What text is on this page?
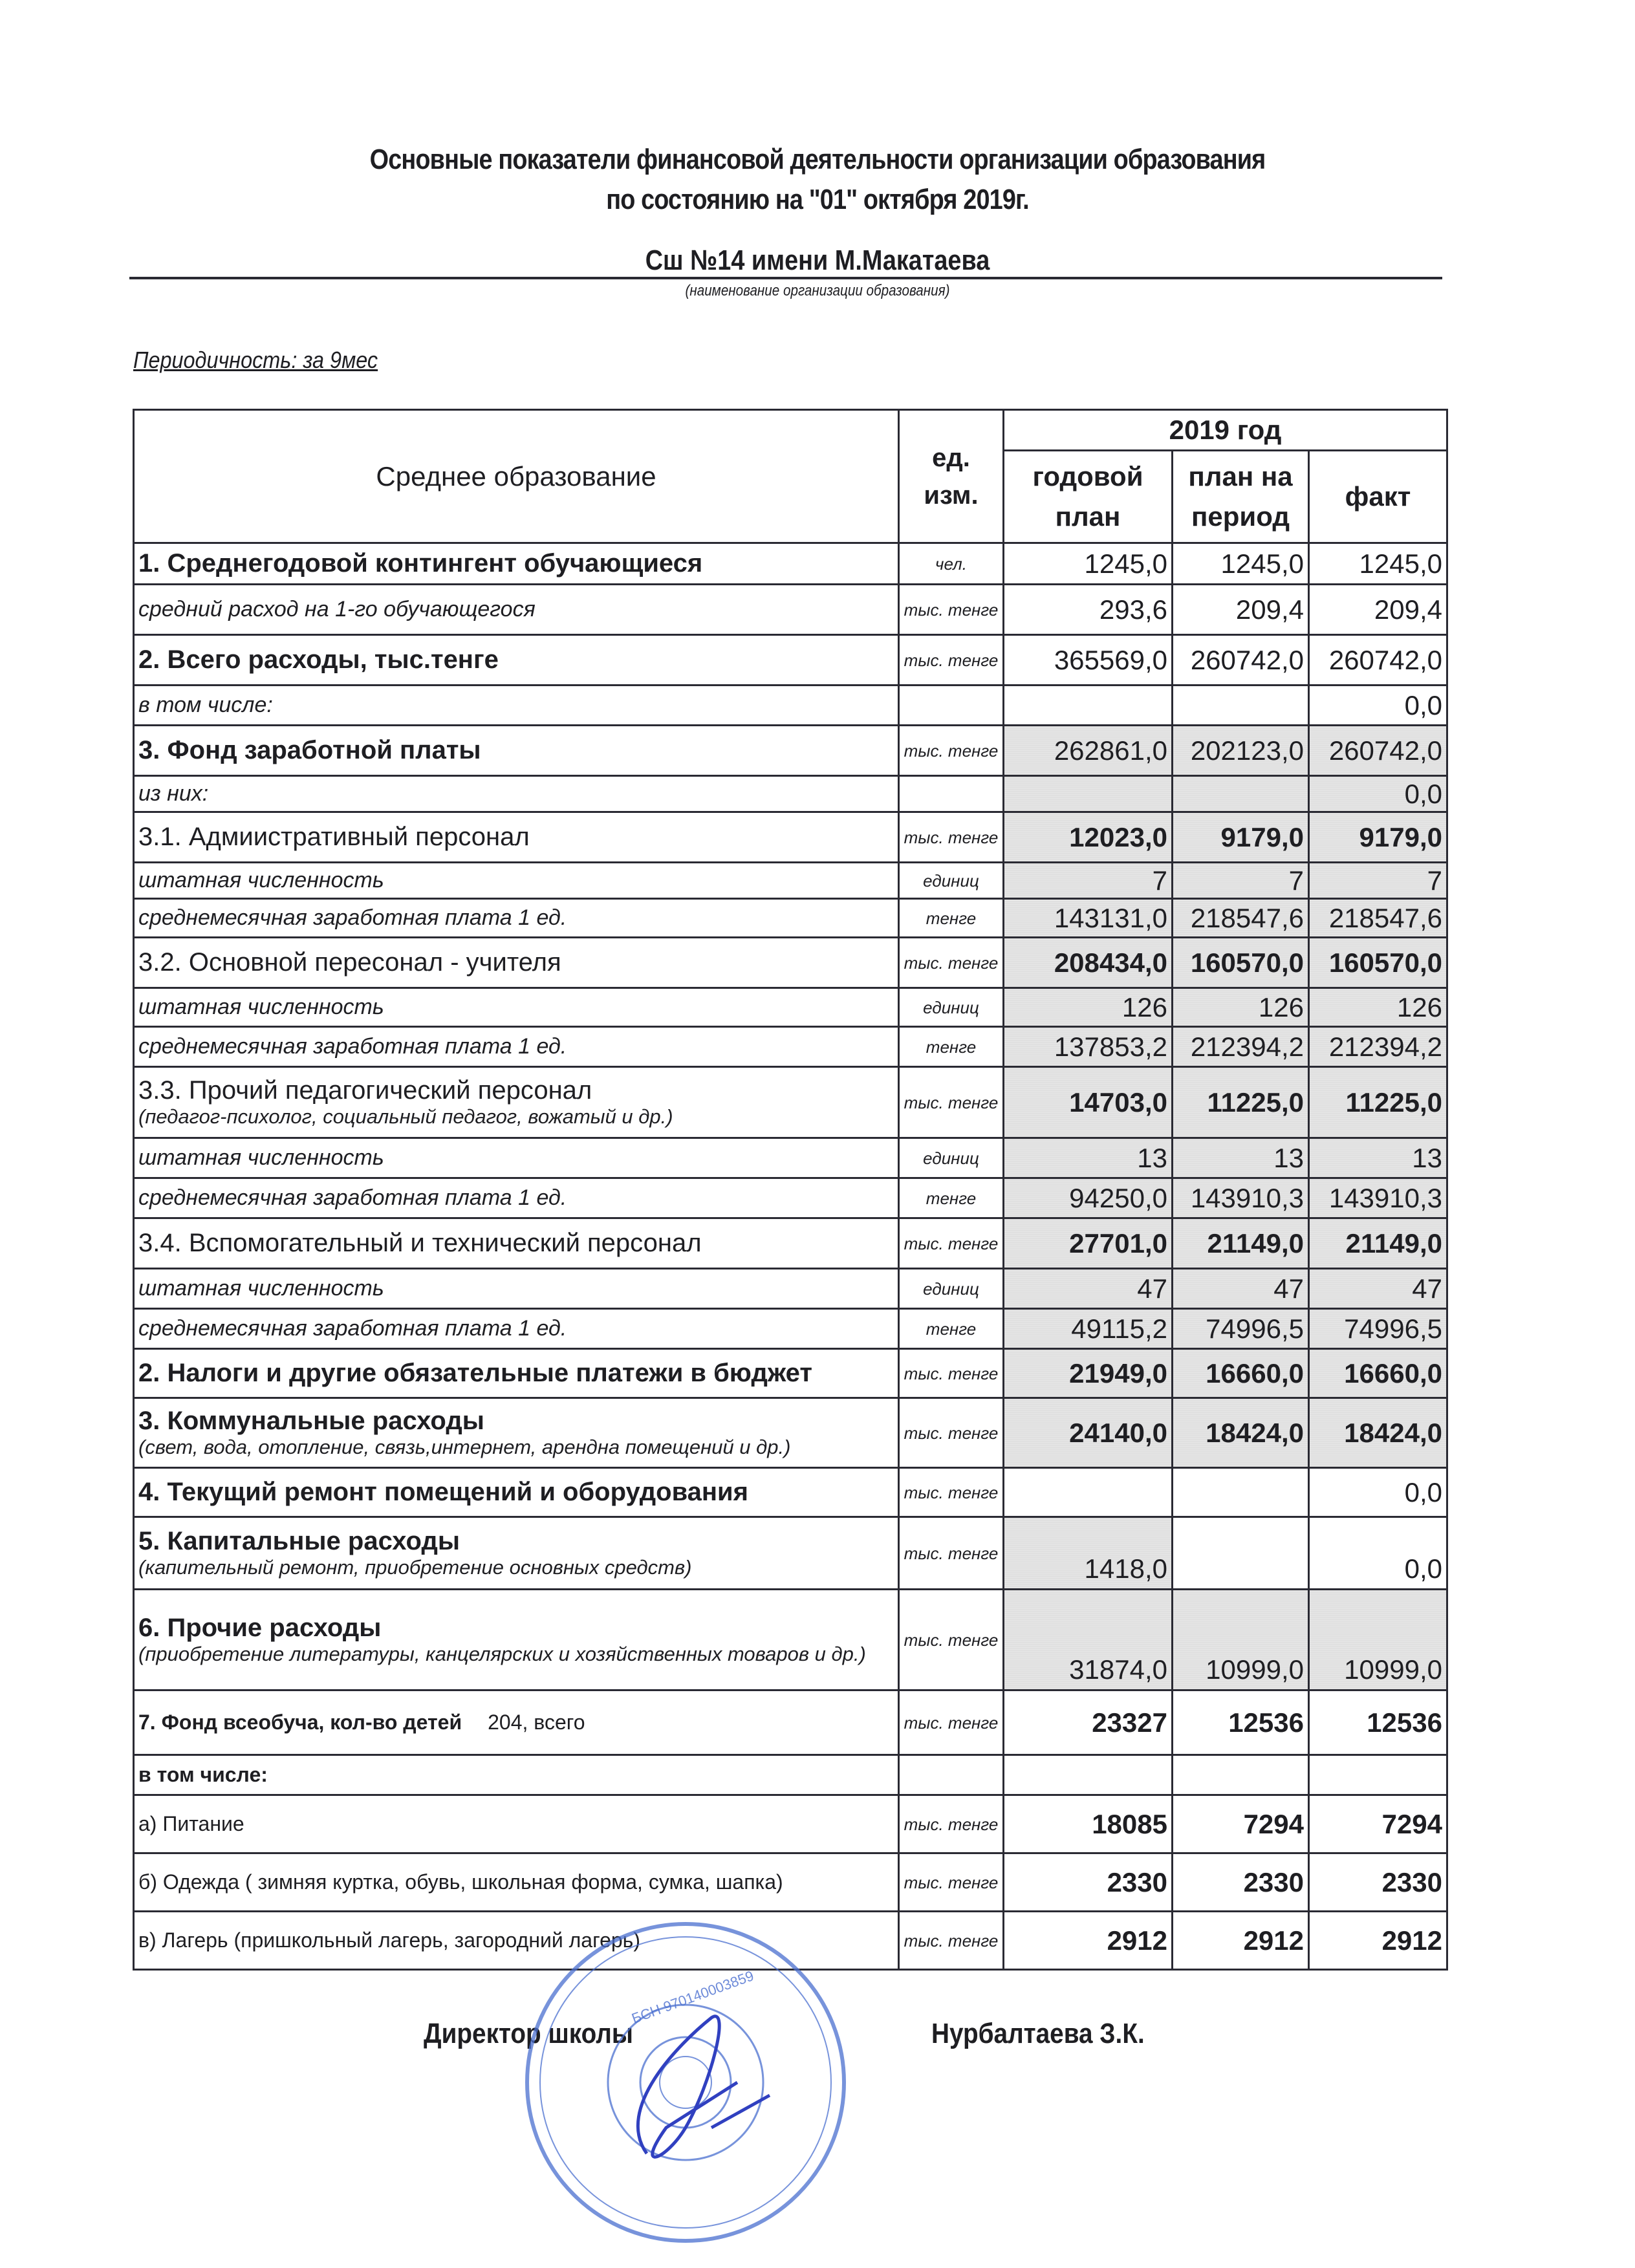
Основные показатели финансовой деятельности организации образования
по состоянию на "01" октября 2019г.
Сш №14 имени М.Макатаева
(наименование организации образования)
Периодичность: за 9мес
Среднее образование	ед. изм.	2019 год		
		годовой план	план на период	факт
1. Среднегодовой контингент обучающиеся	чел.	1245,0	1245,0	1245,0
средний расход на 1-го обучающегося	тыс. тенге	293,6	209,4	209,4
2. Всего расходы, тыс.тенге	тыс. тенге	365569,0	260742,0	260742,0
в том числе:				0,0
3. Фонд заработной платы	тыс. тенге	262861,0	202123,0	260742,0
из них:				0,0
3.1. Адмиистративный персонал	тыс. тенге	12023,0	9179,0	9179,0
штатная численность	единиц	7	7	7
среднемесячная заработная плата 1 ед.	тенге	143131,0	218547,6	218547,6
3.2. Основной пересонал - учителя	тыс. тенге	208434,0	160570,0	160570,0
штатная численность	единиц	126	126	126
среднемесячная заработная плата 1 ед.	тенге	137853,2	212394,2	212394,2
3.3. Прочий педагогический персонал
(педагог-психолог, социальный педагог, вожатый и др.)	тыс. тенге	14703,0	11225,0	11225,0
штатная численность	единиц	13	13	13
среднемесячная заработная плата 1 ед.	тенге	94250,0	143910,3	143910,3
3.4. Вспомогательный и технический персонал	тыс. тенге	27701,0	21149,0	21149,0
штатная численность	единиц	47	47	47
среднемесячная заработная плата 1 ед.	тенге	49115,2	74996,5	74996,5
2. Налоги и другие обязательные платежи в бюджет	тыс. тенге	21949,0	16660,0	16660,0
3. Коммунальные расходы
(свет, вода, отопление, связь,интернет, арендна помещений и др.)	тыс. тенге	24140,0	18424,0	18424,0
4. Текущий ремонт помещений и оборудования	тыс. тенге			0,0
5. Капитальные расходы
(капительный ремонт, приобретение основных средств)	тыс. тенге	1418,0		0,0
6. Прочие расходы
(приобретение литературы, канцелярских и хозяйственных товаров и др.)	тыс. тенге	31874,0	10999,0	10999,0
7. Фонд всеобуча, кол-во детей 204, всего	тыс. тенге	23327	12536	12536
в том числе:				
а) Питание	тыс. тенге	18085	7294	7294
б) Одежда ( зимняя куртка, обувь, школьная форма, сумка, шапка)	тыс. тенге	2330	2330	2330
в) Лагерь (пришкольный лагерь, загородний лагерь)	тыс. тенге	2912	2912	2912
Директор школы	Нурбалтаева З.К.
БСН 970140003859
